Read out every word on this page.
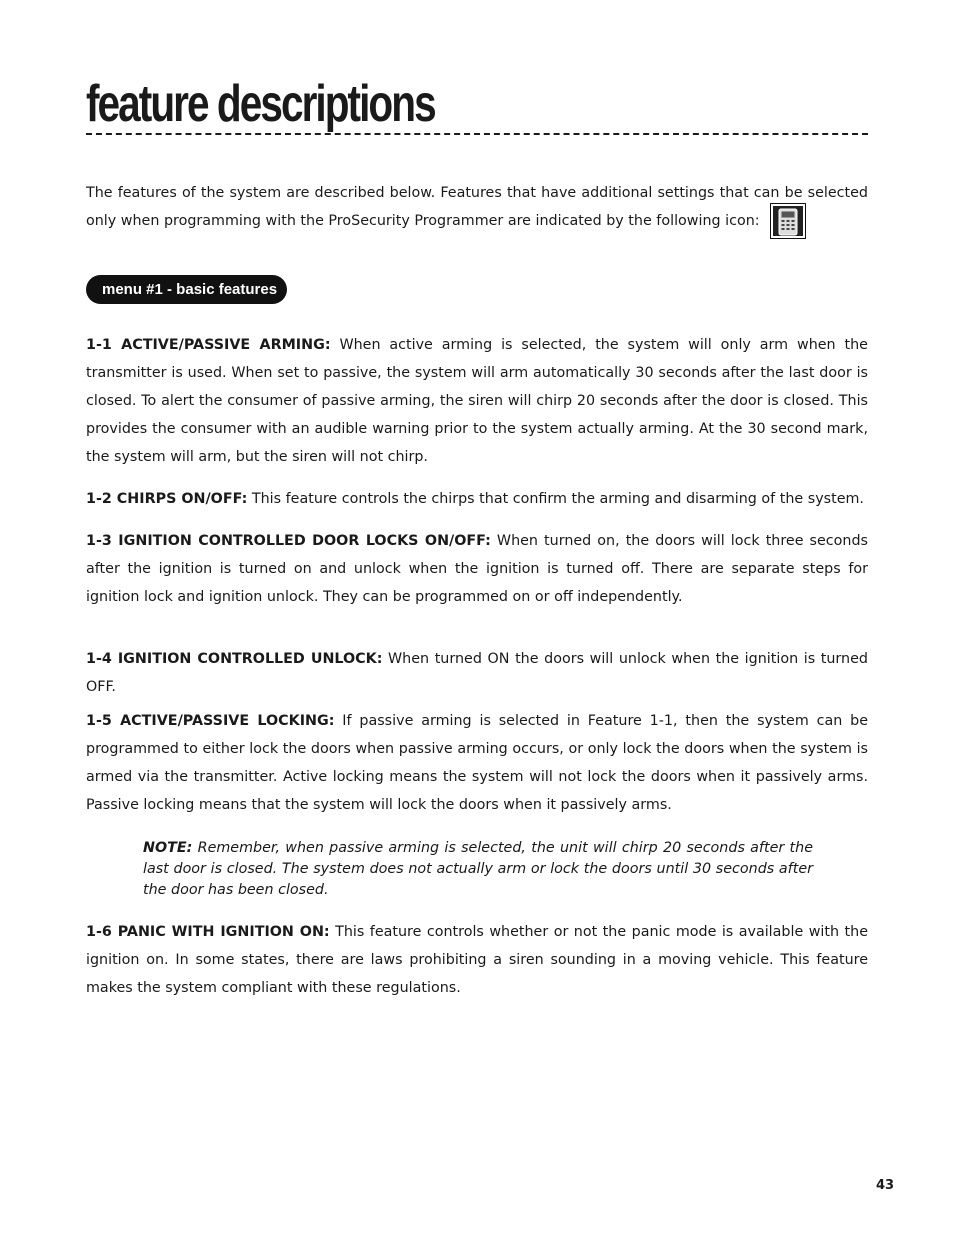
feature descriptions

The features of the system are described below. Features that have additional settings that can be selected only when programming with the ProSecurity Programmer are indicated by the following icon:

menu #1 - basic features

1-1 ACTIVE/PASSIVE ARMING: When active arming is selected, the system will only arm when the transmitter is used. When set to passive, the system will arm automatically 30 seconds after the last door is closed. To alert the consumer of passive arming, the siren will chirp 20 seconds after the door is closed. This provides the consumer with an audible warning prior to the system actually arming. At the 30 second mark, the system will arm, but the siren will not chirp.

1-2 CHIRPS ON/OFF: This feature controls the chirps that confirm the arming and disarming of the system.

1-3 IGNITION CONTROLLED DOOR LOCKS ON/OFF: When turned on, the doors will lock three seconds after the ignition is turned on and unlock when the ignition is turned off. There are separate steps for ignition lock and ignition unlock. They can be programmed on or off independently.

1-4 IGNITION CONTROLLED UNLOCK: When turned ON the doors will unlock when the ignition is turned OFF.

1-5 ACTIVE/PASSIVE LOCKING: If passive arming is selected in Feature 1-1, then the system can be programmed to either lock the doors when passive arming occurs, or only lock the doors when the system is armed via the transmitter. Active locking means the system will not lock the doors when it passively arms. Passive locking means that the system will lock the doors when it passively arms.

NOTE: Remember, when passive arming is selected, the unit will chirp 20 seconds after the last door is closed. The system does not actually arm or lock the doors until 30 seconds after the door has been closed.

1-6 PANIC WITH IGNITION ON: This feature controls whether or not the panic mode is available with the ignition on. In some states, there are laws prohibiting a siren sounding in a moving vehicle. This feature makes the system compliant with these regulations.

43
